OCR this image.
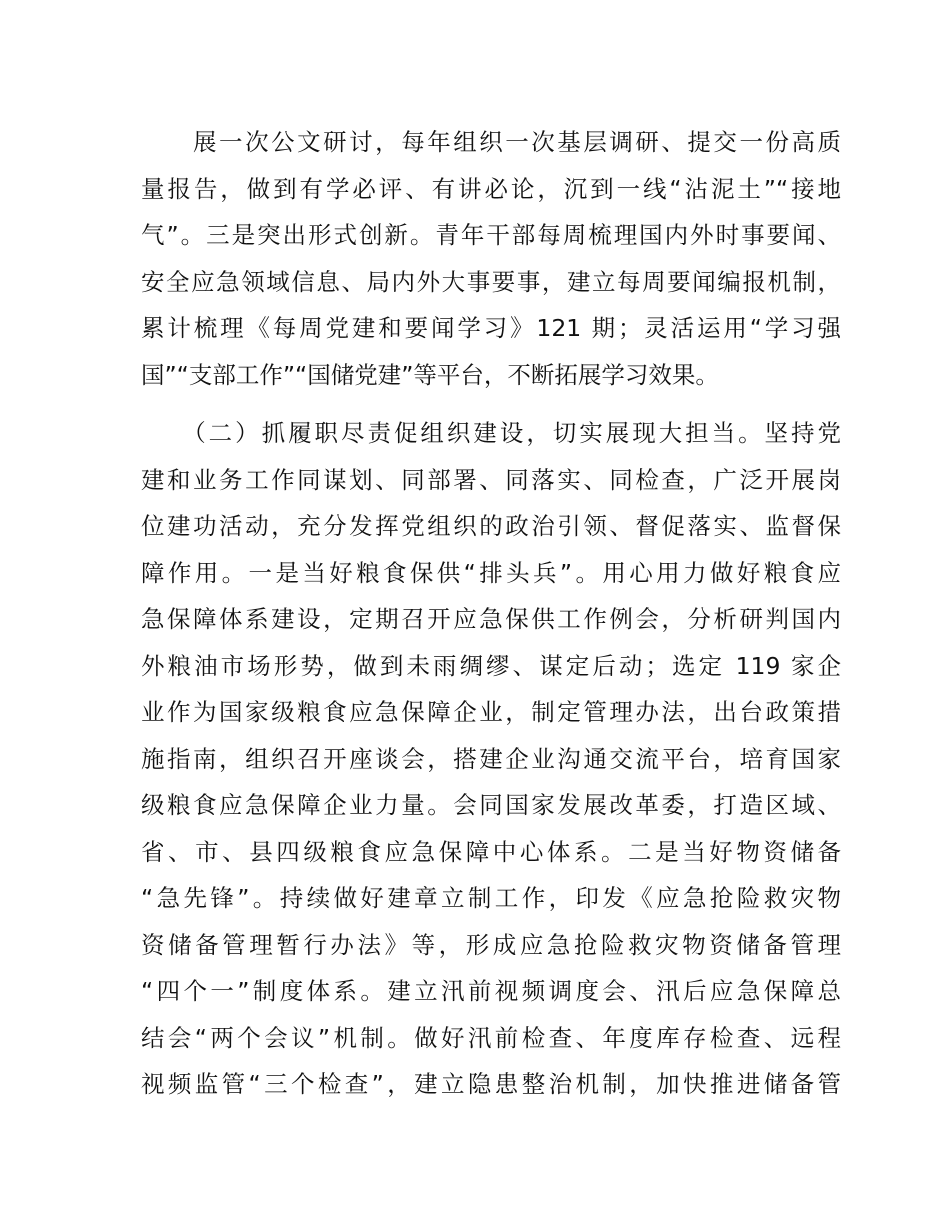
　　展一次公文研讨，每年组织一次基层调研、提交一份高质
量报告，做到有学必评、有讲必论，沉到一线“沾泥土”“接地
气”。三是突出形式创新。青年干部每周梳理国内外时事要闻、
安全应急领域信息、局内外大事要事，建立每周要闻编报机制，
累计梳理《每周党建和要闻学习》121 期；灵活运用“学习强
国”“支部工作”“国储党建”等平台，不断拓展学习效果。
　　（二）抓履职尽责促组织建设，切实展现大担当。坚持党
建和业务工作同谋划、同部署、同落实、同检查，广泛开展岗
位建功活动，充分发挥党组织的政治引领、督促落实、监督保
障作用。一是当好粮食保供“排头兵”。用心用力做好粮食应
急保障体系建设，定期召开应急保供工作例会，分析研判国内
外粮油市场形势，做到未雨绸缪、谋定后动；选定 119 家企
业作为国家级粮食应急保障企业，制定管理办法，出台政策措
施指南，组织召开座谈会，搭建企业沟通交流平台，培育国家
级粮食应急保障企业力量。会同国家发展改革委，打造区域、
省、市、县四级粮食应急保障中心体系。二是当好物资储备
“急先锋”。持续做好建章立制工作，印发《应急抢险救灾物
资储备管理暂行办法》等，形成应急抢险救灾物资储备管理
“四个一”制度体系。建立汛前视频调度会、汛后应急保障总
结会“两个会议”机制。做好汛前检查、年度库存检查、远程
视频监管“三个检查”，建立隐患整治机制，加快推进储备管
